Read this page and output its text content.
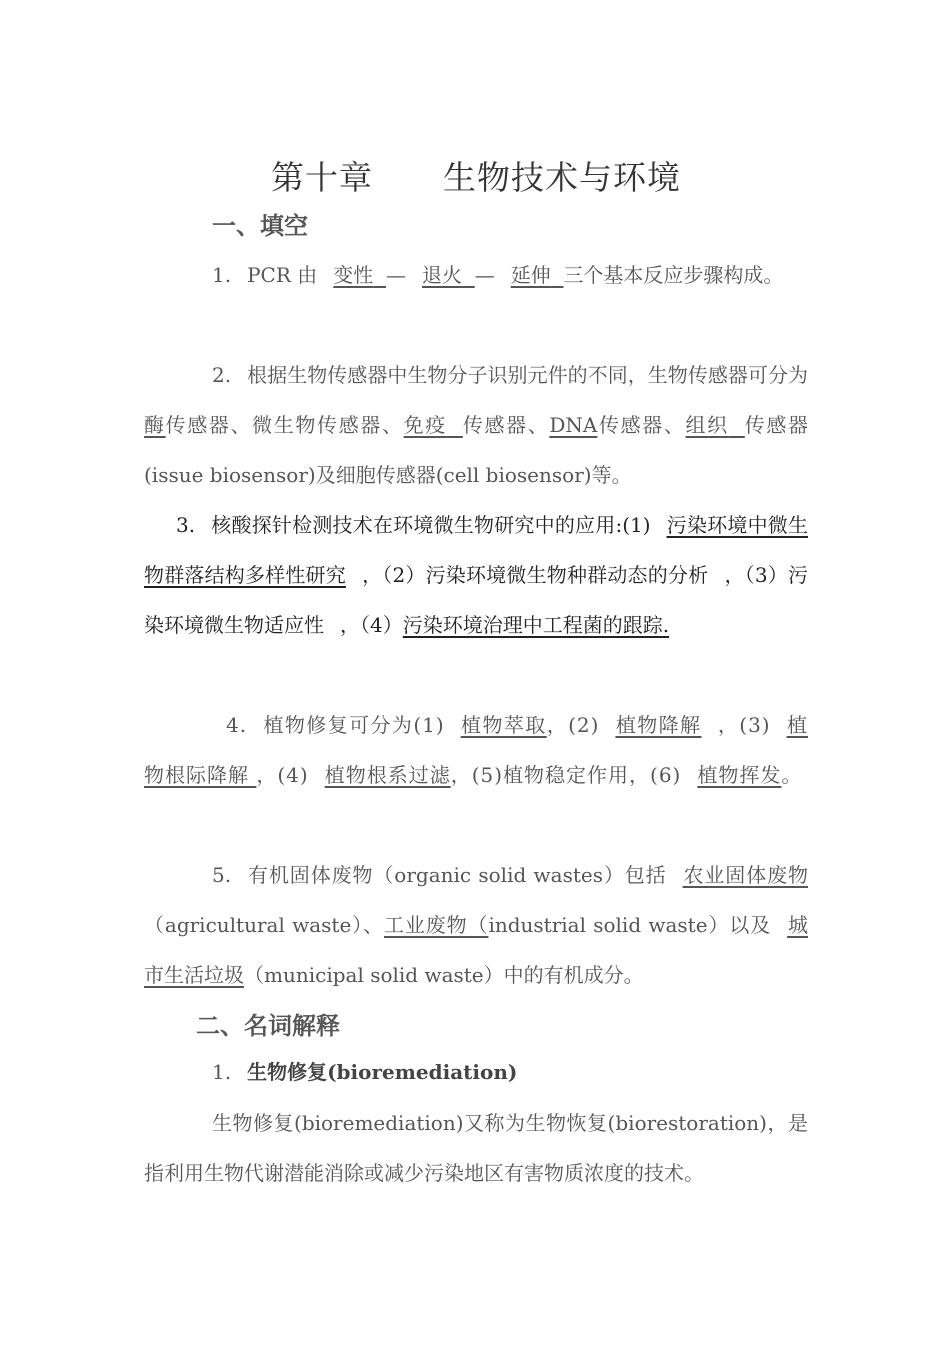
第十章 生物技术与环境
一、填空

1. PCR 由 变性 — 退火 — 延伸 三个基本反应步骤构成。

2. 根据生物传感器中生物分子识别元件的不同，生物传感器可分为酶传感器、微生物传感器、免疫 传感器、DNA传感器、组织 传感器(issue biosensor)及细胞传感器(cell biosensor)等。

3. 核酸探针检测技术在环境微生物研究中的应用:(1) 污染环境中微生物群落结构多样性研究 ，（2）污染环境微生物种群动态的分析 ，（3）污染环境微生物适应性 ，（4）污染环境治理中工程菌的跟踪.

4. 植物修复可分为(1) 植物萃取，(2) 植物降解 ，(3) 植物根际降解 ，(4) 植物根系过滤，(5)植物稳定作用，(6) 植物挥发。

5. 有机固体废物（organic solid wastes）包括 农业固体废物（agricultural waste）、工业废物（industrial solid waste）以及 城市生活垃圾（municipal solid waste）中的有机成分。

二、名词解释
1. 生物修复(bioremediation)

生物修复(bioremediation)又称为生物恢复(biorestoration)，是指利用生物代谢潜能消除或减少污染地区有害物质浓度的技术。
